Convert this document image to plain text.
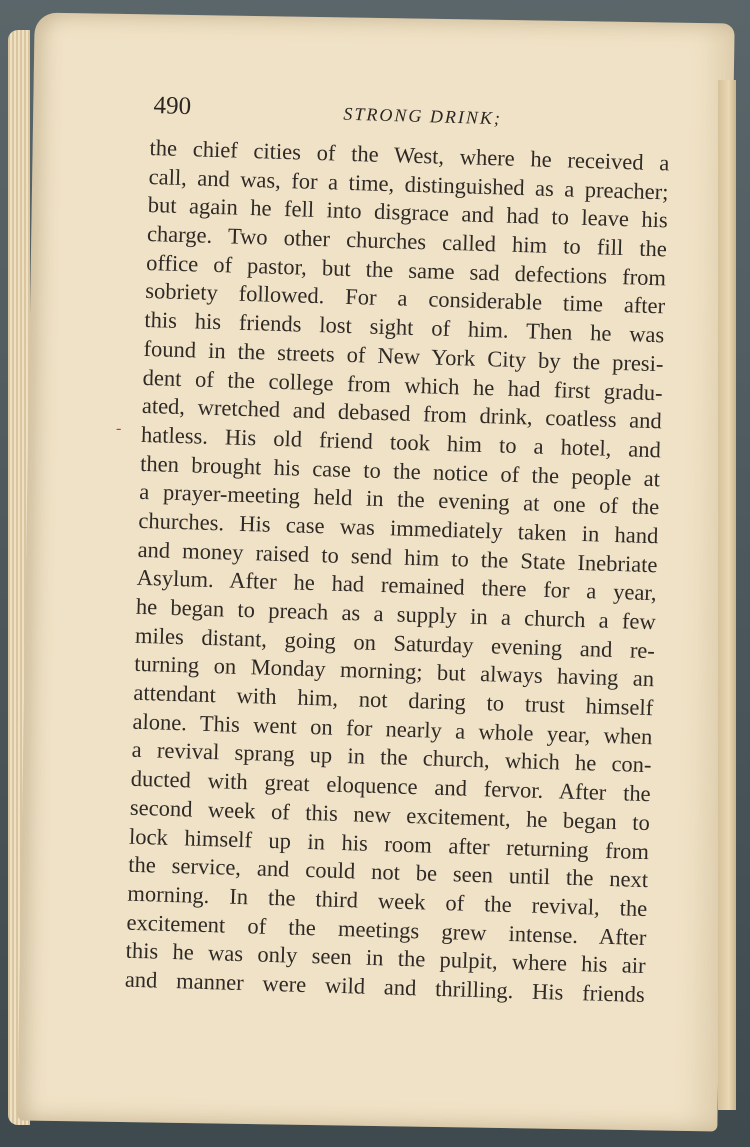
490	STRONG DRINK;
-
the chief cities of the West, where he received a
call, and was, for a time, distinguished as a preacher;
but again he fell into disgrace and had to leave his
charge. Two other churches called him to fill the
office of pastor, but the same sad defections from
sobriety followed. For a considerable time after
this his friends lost sight of him. Then he was
found in the streets of New York City by the presi-
dent of the college from which he had first gradu-
ated, wretched and debased from drink, coatless and
hatless. His old friend took him to a hotel, and
then brought his case to the notice of the people at
a prayer-meeting held in the evening at one of the
churches. His case was immediately taken in hand
and money raised to send him to the State Inebriate
Asylum. After he had remained there for a year,
he began to preach as a supply in a church a few
miles distant, going on Saturday evening and re-
turning on Monday morning; but always having an
attendant with him, not daring to trust himself
alone. This went on for nearly a whole year, when
a revival sprang up in the church, which he con-
ducted with great eloquence and fervor. After the
second week of this new excitement, he began to
lock himself up in his room after returning from
the service, and could not be seen until the next
morning. In the third week of the revival, the
excitement of the meetings grew intense. After
this he was only seen in the pulpit, where his air
and manner were wild and thrilling. His friends
